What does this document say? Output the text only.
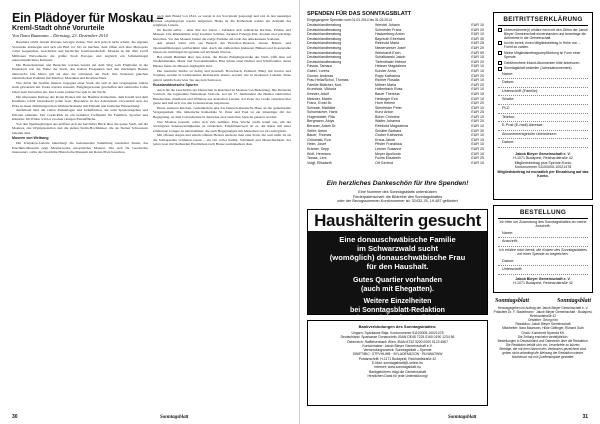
Ein Plädoyer für Moskau –
Kreml-Stadt ohne Vorurteile
Von Ilona Baumann – Dienstag, 23. Dezember 2014

Russland erlebt derzeit überaus bewegte Zeiten. Wer sich jedoch nicht scheut, die eigenen Vorurteile abzulegen und sich ein Bild vor Ort zu machen, dem öffnet sich eine Metropole voller Gegensätze, Geschichte und herzlicher Gastfreundschaft. Moskau ist mit über zwölf Millionen Einwohnern die größte Stadt Europas und zugleich ein Schmelztiegel unterschiedlichster Kulturen.

Die Besucherinnen und Besucher werden bereits auf dem Weg vom Flughafen in die Innenstadt von der Weite der Stadt, den breiten Prospekten und den mächtigen Bauten überrascht. Die Metro gilt als eine der schönsten der Welt, ihre Stationen gleichen unterirdischen Palästen mit Marmor, Mosaiken und Kronleuchtern.

Wer durch die Straßen flaniert, begegnet einer Stadt, die sich in den vergangenen Jahren stark gewandelt hat. Parks wurden erneuert, Fußgängerzonen geschaffen und zahlreiche Cafés laden zum Verweilen ein. Das Leben pulsiert bis spät in die Nacht.

Die imposante Kulisse des Roten Platzes mit der Basilius-Kathedrale, dem Kreml und dem Kaufhaus GUM beeindruckt jeden Gast. Besonders in der Adventszeit verwandelt sich der Platz in einen stimmungsvollen Weihnachtsmarkt mit Eisbahn und festlicher Beleuchtung.

Auffallend sind die vielen Parkanlagen und Grünflächen, die zum Spazierengehen und Erholen einladen. Der Gorki-Park ist ein beliebter Treffpunkt für Familien, Sportler und Künstler. Im Winter wird er zu einer riesigen Eislauffläche.

Von den Sperlingsbergen aus eröffnet sich ein herrlicher Blick über die ganze Stadt, auf die Moskwa, das Olympiastadion und die sieben Stalin-Hochhäuser, die als Sieben Schwestern bekannt sind.

Museen von Weltrang

Die Tretjakow-Galerie beherbergt die bedeutendste Sammlung russischer Kunst, das Puschkin-Museum zeigt Meisterwerke europäischer Malerei. Wer sich für Geschichte interessiert, sollte das Staatliche Historische Museum am Roten Platz besuchen.

nach dem Brand von 1812, es wurde in der Sowjetzeit gesprengt und erst in den neunziger Jahren originalgetreu wieder aufgebaut. Heute ist die Kathedrale wieder ein Zentrum des religiösen Lebens.

Im Kreml selbst – einst Sitz der Zaren – befinden sich zahlreiche Kirchen, Paläste und Museen. Die Rüstkammer zeigt kostbare Schätze, darunter Fabergé-Eier, Kronen und prächtige Kutschen. Vor den Mauern brennt die ewige Flamme am Grab des unbekannten Soldaten.

Am Abend lohnt sich ein Besuch des Bolschoi-Theaters, dessen Ballett- und Opernaufführungen weltberühmt sind. Auch die zahlreichen kleineren Bühnen und Konzertsäle bieten ein vielfältiges Programm auf höchstem Niveau.

Bei einem Bummel über den Arbat, die älteste Fußgängerstraße der Stadt, trifft man auf Straßenmusiker, Maler und Souvenirhändler. Hier lebten einst Dichter und Schriftsteller, deren Häuser heute als Museen zugänglich sind.

Die russische Küche ist deftig und herzhaft: Borschtsch, Pelmeni, Bliny mit Kaviar und Soljanka werden in traditionellen Restaurants ebenso serviert wie in modernen Lokalen. Dazu gehört natürlich ein Glas Tee aus dem Samowar.

Russlanddeutsche Spuren

Auch für die Geschichte der Deutschen in Russland ist Moskau von Bedeutung. Die Deutsche Vorstadt, die sogenannte Nemezkaja Sloboda, war im 17. Jahrhundert die Heimat zahlreicher Handwerker, Kaufleute und Offiziere aus deutschen Landen. Zar Peter der Große verkehrte hier gerne und ließ sich von den Lebensweisen inspirieren.

Heute erinnern Kirchen, Gedenktafeln und das Deutsch-Russische Haus an die gemeinsame Vergangenheit. Die lutherische Kathedrale St. Peter und Paul ist ein lebendiger Ort der Begegnung, an dem Gottesdienste in deutscher und russischer Sprache gefeiert werden.

Wer Moskau besucht, sollte sich Zeit nehmen. Eine Woche reicht kaum aus, um die wichtigsten Sehenswürdigkeiten zu entdecken. Empfehlenswert ist es, die Reise mit einer erfahrenen Gruppe zu unternehmen, die auch Begegnungen mit Menschen vor Ort ermöglicht.

Mit offenen Augen und einem offenen Herzen entdeckt man eine Stadt, die weit mehr ist als die Schlagzeilen vermuten lassen – ein Ort voller Kultur, Schönheit und Menschlichkeit, der jeden Gast mit bleibenden Eindrücken nach Hause zurückkehren lässt.

30	Sonntagsblatt
SPENDEN FÜR DAS SONNTAGSBLATT
Eingegangene Spenden vom 01.01.2014 bis 31.03.2014
Deutschlandberatung	Wendel Johann	EUR 10
Deutschlandberatung	Schneider Franz	EUR 20
Deutschlandberatung	Hackenberg Anton	EUR 10
Deutschlandberatung	Bayreuth Eberhard	EUR 30
Deutschlandberatung	Reinhold Maria	EUR 25
Deutschlandberatung	Niederwieser Josef	EUR 20
Deutschlandberatung	Weinhardt Erich	EUR 50
Deutschlandberatung	Schalkowski Jakob	EUR 15
Deutschlandberatung	Tiefenthaler Helene	EUR 20
Fasola, Tamara	Heisser Magdalena	EUR 10
Gabel, Lorenz	Kunder Anna	EUR 10
Gruner, Andreas	Rapp Katharina	EUR 20
Frau Hella/Schul, Thomas	Richter Rosalia	EUR 10
Familie Böttcher, Kurt	Mittner Maria	EUR 20
Krumholz, Viktoria	Hollenbach Rosa	EUR 10
Kessler, Adolf	Bauer Theresia	EUR 15
Metzner, Martin	Hetzinger Eva	EUR 10
Franz, Ernst Dr.	Horn Helene	EUR 20
Schwab, Mathilde	Steinfelder Peter	EUR 10
Schumacher, Hans	Kunz Anton	EUR 25
Hugentobler, Rita	Böhm Christine	EUR 10
Bergmann, Aloys	Walter Johanna	EUR 20
Berauer, Adam Dr.	Reinbold Magdalena	EUR 10
Seiler, Anton	Schäfer Barbara	EUR 30
Bauer, Thomas	Gruber Katharina	EUR 10
Grünwald, Eva	Kraus Jakob	EUR 15
Heim, Josef	Pfister Franziska	EUR 10
Krämer, Sepp	Lehner Susanne	EUR 20
Wolf, Hermann	Meyer Apollonia	EUR 10
Tamas, Leni	Fuchs Elisabeth	EUR 25
Voigt, Elisabeth	Ott Gertrud	EUR 10
Ein herzliches Dankeschön für Ihre Spenden!
Eine Nummer des Sonntagsblatts unterstützen
Förderpatenschaft: die Bildreihe des Sonntagsblattes
oder der Bezugssummen-Kontonummer ist: 32432-76, 19-487 gefördert
Haushälterin gesucht
Eine donauschwäbische Familie
im Schwarzwald sucht
(womöglich) donauschwäbische Frau
für den Haushalt.
Gutes Quartier vorhanden
(auch mit Ehegatten).
Weitere Einzelheiten
bei Sonntagsblatt-Redaktion
(georg.krix@freemail.hu)
Bankverbindungen des Sonntagsblattes:
Ungarn: Sparkasse Baja, Kontonummer 51100005-10021478
Deutschland: Sparkasse Donauwörth, IBAN DE45 7225 0160 0190 1234 56
Österreich: Raiffeisenbank Wien, IBAN AT32 3200 0000 0123 4567
Kontoinhaber: Jakob Bleyer Gemeinschaft e.V.
Verwendungszweck: Sonntagsblatt – Spende
SWIFT/BIC: OTPVHUHB · BYLADEM1DON · RLNWATWW
Postanschrift: H-1171 Budapest, Reichardstraße 42
E-Mail: sonntagsblatt@t-online.hu
Internet: www.sonntagsblatt.hu
Bankgebühren trägt die Gemeinschaft
Herzlichen Dank für jede Unterstützung!
BEITRITTSERKLÄRUNG
Unterzeichnete(r) erkläre mich mit den Zielen der Jakob Bleyer Gemeinschaft einverstanden und beantrage die Aufnahme in die Gemeinschaft.
Ich bin bereit, einen Mitgliedsbeitrag in Höhe von ... Forint zu zahlen.
Meine Mitgliedsbeitragsverpflichtung ist Form einer Spende.
Gebührenfreie Inland-Abonnenten bitte ankreuzen.
Sonntagsblatt bestellen (Jahresabonnement).
Name:
Datum:
Unterschrift (Familie):
Straße:
PLZ:
Telefon:
E-Post (E-mail) Adresse:
Abonnementgebühr überwiesen:
Datum:
Jakob Bleyer Gemeinschaft e. V.
H-1071 Budapest, Reichardstraße 42
Mitgliedsbeitrag plus Spende-Konto
Kontonummer 51100005-10021478
Mitgliedsbeitrag ist monatlich per Einzahlung auf das Konto.
BESTELLUNG
Ich bitte um Zusendung des Sonntagsblattes an meine Anschrift:
Name:
Anschrift:
Ich erkläre mich bereit, die Kosten des Sonntagsblattes mit einer Spende zu begleichen.
Datum:
Unterschrift:
Jakob Bleyer Gemeinschaft e. V.
H-1071 Budapest, Reichardstraße 42
Sonntagsblatt	Sonntagsblatt
Herausgegeben im Auftrag der Jakob Bleyer Gemeinschaft e. V.
Präsident Dr. F. Stadelmann · Jakob Bleyer Gemeinschaft · Budapest, Reichardstraße 42
Ortsleiter: Georg Krix
Redaktion: Jakob Bleyer Gemeinschaft
Mitarbeiter: Ilona Baumann, Hilde Göttinger, Richard Guth
Druck: Komáromi Nyomda Kft.
Die Zeitung erscheint vierteljährlich.
Bestellungen in Deutschland und Österreich über die Redaktion.
Die Redaktion behält sich vor, Leserbriefe zu kürzen.
Beiträge, die mit dem Namen des Verfassers gezeichnet sind,
geben nicht unbedingt die Meinung der Redaktion wieder.
Nachdruck nur mit Quellenangabe gestattet.
Sonntagsblatt	31
